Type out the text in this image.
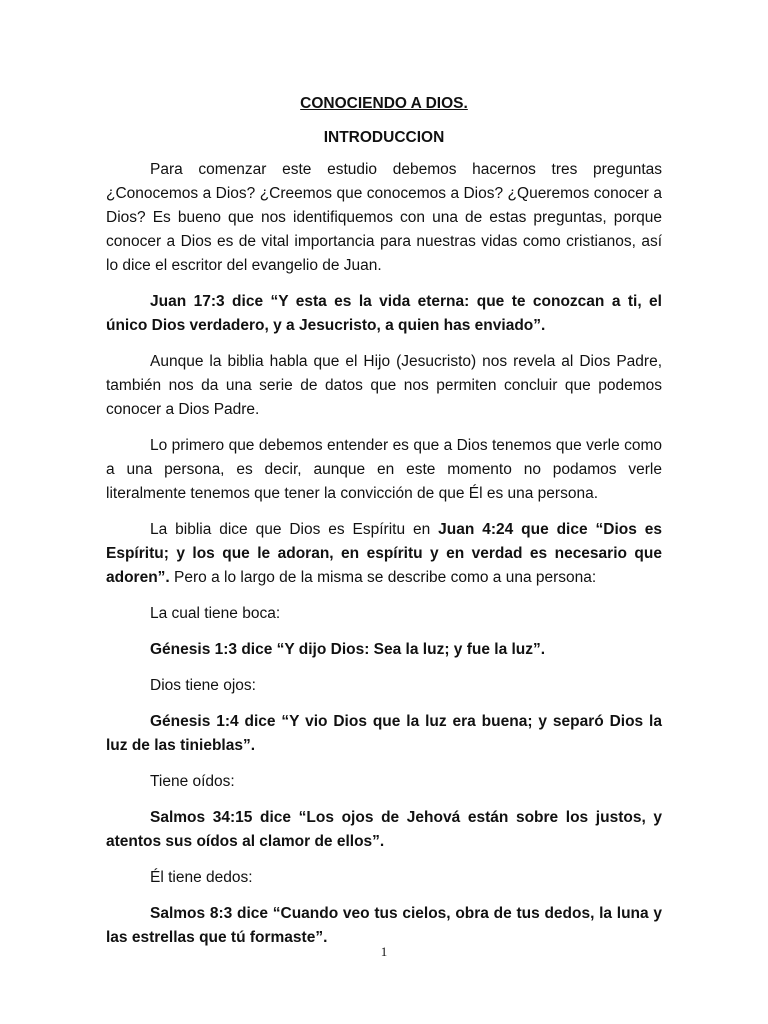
CONOCIENDO A DIOS.
INTRODUCCION

Para comenzar este estudio debemos hacernos tres preguntas ¿Conocemos a Dios? ¿Creemos que conocemos a Dios? ¿Queremos conocer a Dios? Es bueno que nos identifiquemos con una de estas preguntas, porque conocer a Dios es de vital importancia para nuestras vidas como cristianos, así lo dice el escritor del evangelio de Juan.

Juan 17:3 dice “Y esta es la vida eterna: que te conozcan a ti, el único Dios verdadero, y a Jesucristo, a quien has enviado”.

Aunque la biblia habla que el Hijo (Jesucristo) nos revela al Dios Padre, también nos da una serie de datos que nos permiten concluir que podemos conocer a Dios Padre.

Lo primero que debemos entender es que a Dios tenemos que verle como a una persona, es decir, aunque en este momento no podamos verle literalmente tenemos que tener la convicción de que Él es una persona.

La biblia dice que Dios es Espíritu en Juan 4:24 que dice “Dios es Espíritu; y los que le adoran, en espíritu y en verdad es necesario que adoren”. Pero a lo largo de la misma se describe como a una persona:

La cual tiene boca:

Génesis 1:3 dice “Y dijo Dios: Sea la luz; y fue la luz”.

Dios tiene ojos:

Génesis 1:4 dice “Y vio Dios que la luz era buena; y separó Dios la luz de las tinieblas”.

Tiene oídos:

Salmos 34:15 dice “Los ojos de Jehová están sobre los justos, y atentos sus oídos al clamor de ellos”.

Él tiene dedos:

Salmos 8:3 dice “Cuando veo tus cielos, obra de tus dedos, la luna y las estrellas que tú formaste”.

1
